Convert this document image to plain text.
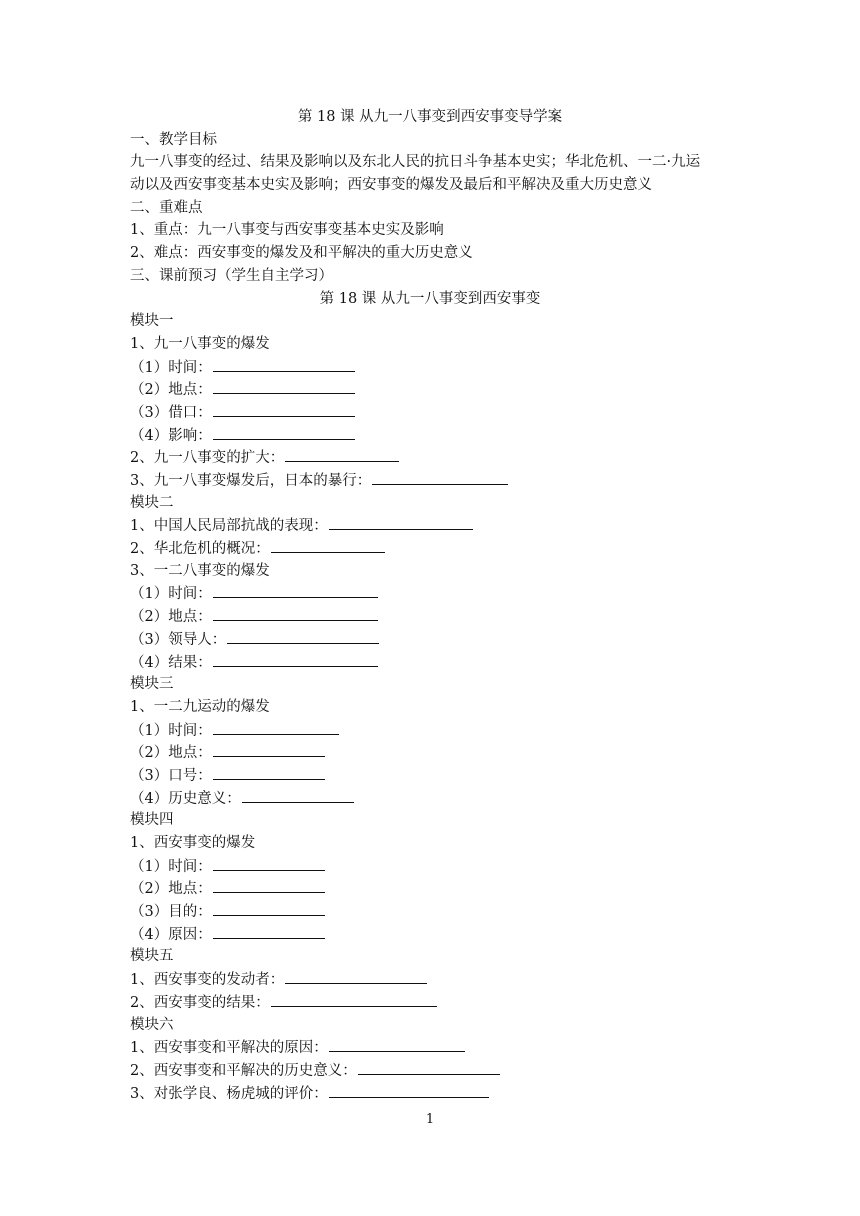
第 18 课 从九一八事变到西安事变导学案
一、教学目标
九一八事变的经过、结果及影响以及东北人民的抗日斗争基本史实；华北危机、一二·九运
动以及西安事变基本史实及影响；西安事变的爆发及最后和平解决及重大历史意义
二、重难点
1、重点：九一八事变与西安事变基本史实及影响
2、难点：西安事变的爆发及和平解决的重大历史意义
三、课前预习（学生自主学习）
第 18 课 从九一八事变到西安事变
模块一
1、九一八事变的爆发
（1）时间：
（2）地点：
（3）借口：
（4）影响：
2、九一八事变的扩大：
3、九一八事变爆发后，日本的暴行：
模块二
1、中国人民局部抗战的表现：
2、华北危机的概况：
3、一二八事变的爆发
（1）时间：
（2）地点：
（3）领导人：
（4）结果：
模块三
1、一二九运动的爆发
（1）时间：
（2）地点：
（3）口号：
（4）历史意义：
模块四
1、西安事变的爆发
（1）时间：
（2）地点：
（3）目的：
（4）原因：
模块五
1、西安事变的发动者：
2、西安事变的结果：
模块六
1、西安事变和平解决的原因：
2、西安事变和平解决的历史意义：
3、对张学良、杨虎城的评价：
1
